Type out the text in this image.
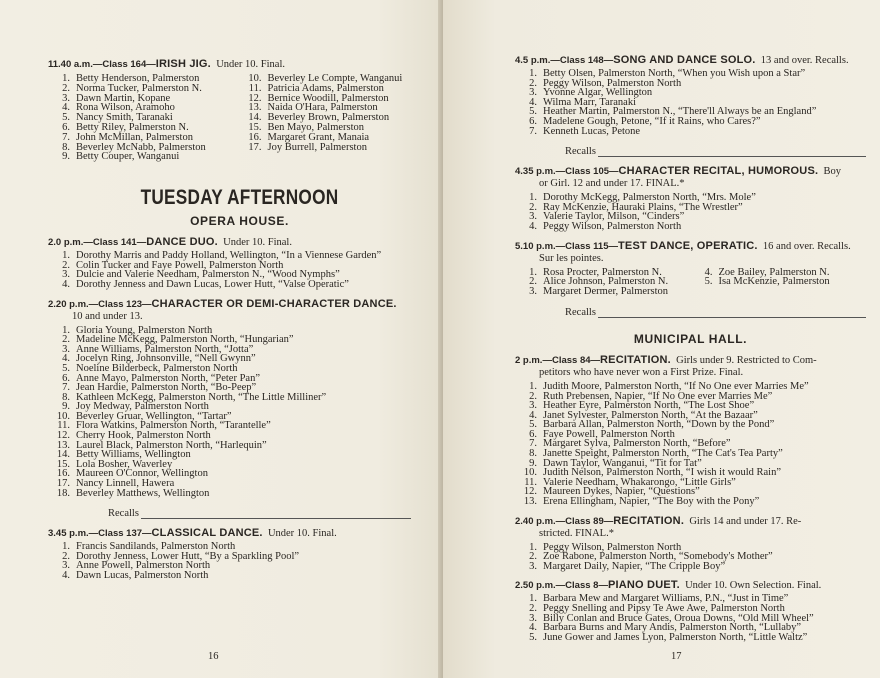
11.40 a.m.—Class 164—IRISH JIG. Under 10. Final.
1. Betty Henderson, Palmerston
2. Norma Tucker, Palmerston N.
3. Dawn Martin, Kopane
4. Rona Wilson, Aramoho
5. Nancy Smith, Taranaki
6. Betty Riley, Palmerston N.
7. John McMillan, Palmerston
8. Beverley McNabb, Palmerston
9. Betty Couper, Wanganui
10. Beverley Le Compte, Wanganui
11. Patricia Adams, Palmerston
12. Bernice Woodill, Palmerston
13. Naida O'Hara, Palmerston
14. Beverley Brown, Palmerston
15. Ben Mayo, Palmerston
16. Margaret Grant, Manaia
17. Joy Burrell, Palmerston
TUESDAY AFTERNOON
OPERA HOUSE.
2.0 p.m.—Class 141—DANCE DUO. Under 10. Final.
1. Dorothy Marris and Paddy Holland, Wellington, “In a Viennese Garden”
2. Colin Tucker and Faye Powell, Palmerston North
3. Dulcie and Valerie Needham, Palmerston N., “Wood Nymphs”
4. Dorothy Jenness and Dawn Lucas, Lower Hutt, “Valse Operatic”
2.20 p.m.—Class 123—CHARACTER OR DEMI-CHARACTER DANCE.
10 and under 13.
1. Gloria Young, Palmerston North
2. Madeline McKegg, Palmerston North, “Hungarian”
3. Anne Williams, Palmerston North, “Jotta”
4. Jocelyn Ring, Johnsonville, “Nell Gwynn”
5. Noeline Bilderbeck, Palmerston North
6. Anne Mayo, Palmerston North, “Peter Pan”
7. Jean Hardie, Palmerston North, “Bo-Peep”
8. Kathleen McKegg, Palmerston North, “The Little Milliner”
9. Joy Medway, Palmerston North
10. Beverley Gruar, Wellington, “Tartar”
11. Flora Watkins, Palmerston North, “Tarantelle”
12. Cherry Hook, Palmerston North
13. Laurel Black, Palmerston North, “Harlequin”
14. Betty Williams, Wellington
15. Lola Bosher, Waverley
16. Maureen O'Connor, Wellington
17. Nancy Linnell, Hawera
18. Beverley Matthews, Wellington
Recalls
3.45 p.m.—Class 137—CLASSICAL DANCE. Under 10. Final.
1. Francis Sandilands, Palmerston North
2. Dorothy Jenness, Lower Hutt, “By a Sparkling Pool”
3. Anne Powell, Palmerston North
4. Dawn Lucas, Palmerston North
16
4.5 p.m.—Class 148—SONG AND DANCE SOLO. 13 and over. Recalls.
1. Betty Olsen, Palmerston North, “When you Wish upon a Star”
2. Peggy Wilson, Palmerston North
3. Yvonne Algar, Wellington
4. Wilma Marr, Taranaki
5. Heather Martin, Palmerston N., “There'll Always be an England”
6. Madelene Gough, Petone, “If it Rains, who Cares?”
7. Kenneth Lucas, Petone
Recalls
4.35 p.m.—Class 105—CHARACTER RECITAL, HUMOROUS. Boy
or Girl. 12 and under 17. FINAL.*
1. Dorothy McKegg, Palmerston North, “Mrs. Mole”
2. Ray McKenzie, Hauraki Plains, “The Wrestler”
3. Valerie Taylor, Milson, “Cinders”
4. Peggy Wilson, Palmerston North
5.10 p.m.—Class 115—TEST DANCE, OPERATIC. 16 and over. Recalls.
Sur les pointes.
1. Rosa Procter, Palmerston N.
2. Alice Johnson, Palmerston N.
3. Margaret Dermer, Palmerston
4. Zoe Bailey, Palmerston N.
5. Isa McKenzie, Palmerston
Recalls
MUNICIPAL HALL.
2 p.m.—Class 84—RECITATION. Girls under 9. Restricted to Com-
petitors who have never won a First Prize. Final.
1. Judith Moore, Palmerston North, “If No One ever Marries Me”
2. Ruth Prebensen, Napier, “If No One ever Marries Me”
3. Heather Eyre, Palmerston North, “The Lost Shoe”
4. Janet Sylvester, Palmerston North, “At the Bazaar”
5. Barbara Allan, Palmerston North, “Down by the Pond”
6. Faye Powell, Palmerston North
7. Margaret Sylva, Palmerston North, “Before”
8. Janette Speight, Palmerston North, “The Cat's Tea Party”
9. Dawn Taylor, Wanganui, “Tit for Tat”
10. Judith Nelson, Palmerston North, “I wish it would Rain”
11. Valerie Needham, Whakarongo, “Little Girls”
12. Maureen Dykes, Napier, “Questions”
13. Erena Ellingham, Napier, “The Boy with the Pony”
2.40 p.m.—Class 89—RECITATION. Girls 14 and under 17. Re-
stricted. FINAL.*
1. Peggy Wilson, Palmerston North
2. Zoe Rabone, Palmerston North, “Somebody's Mother”
3. Margaret Daily, Napier, “The Cripple Boy”
2.50 p.m.—Class 8—PIANO DUET. Under 10. Own Selection. Final.
1. Barbara Mew and Margaret Williams, P.N., “Just in Time”
2. Peggy Snelling and Pipsy Te Awe Awe, Palmerston North
3. Billy Conlan and Bruce Gates, Oroua Downs, “Old Mill Wheel”
4. Barbara Burns and Mary Andis, Palmerston North, “Lullaby”
5. June Gower and James Lyon, Palmerston North, “Little Waltz”
17
